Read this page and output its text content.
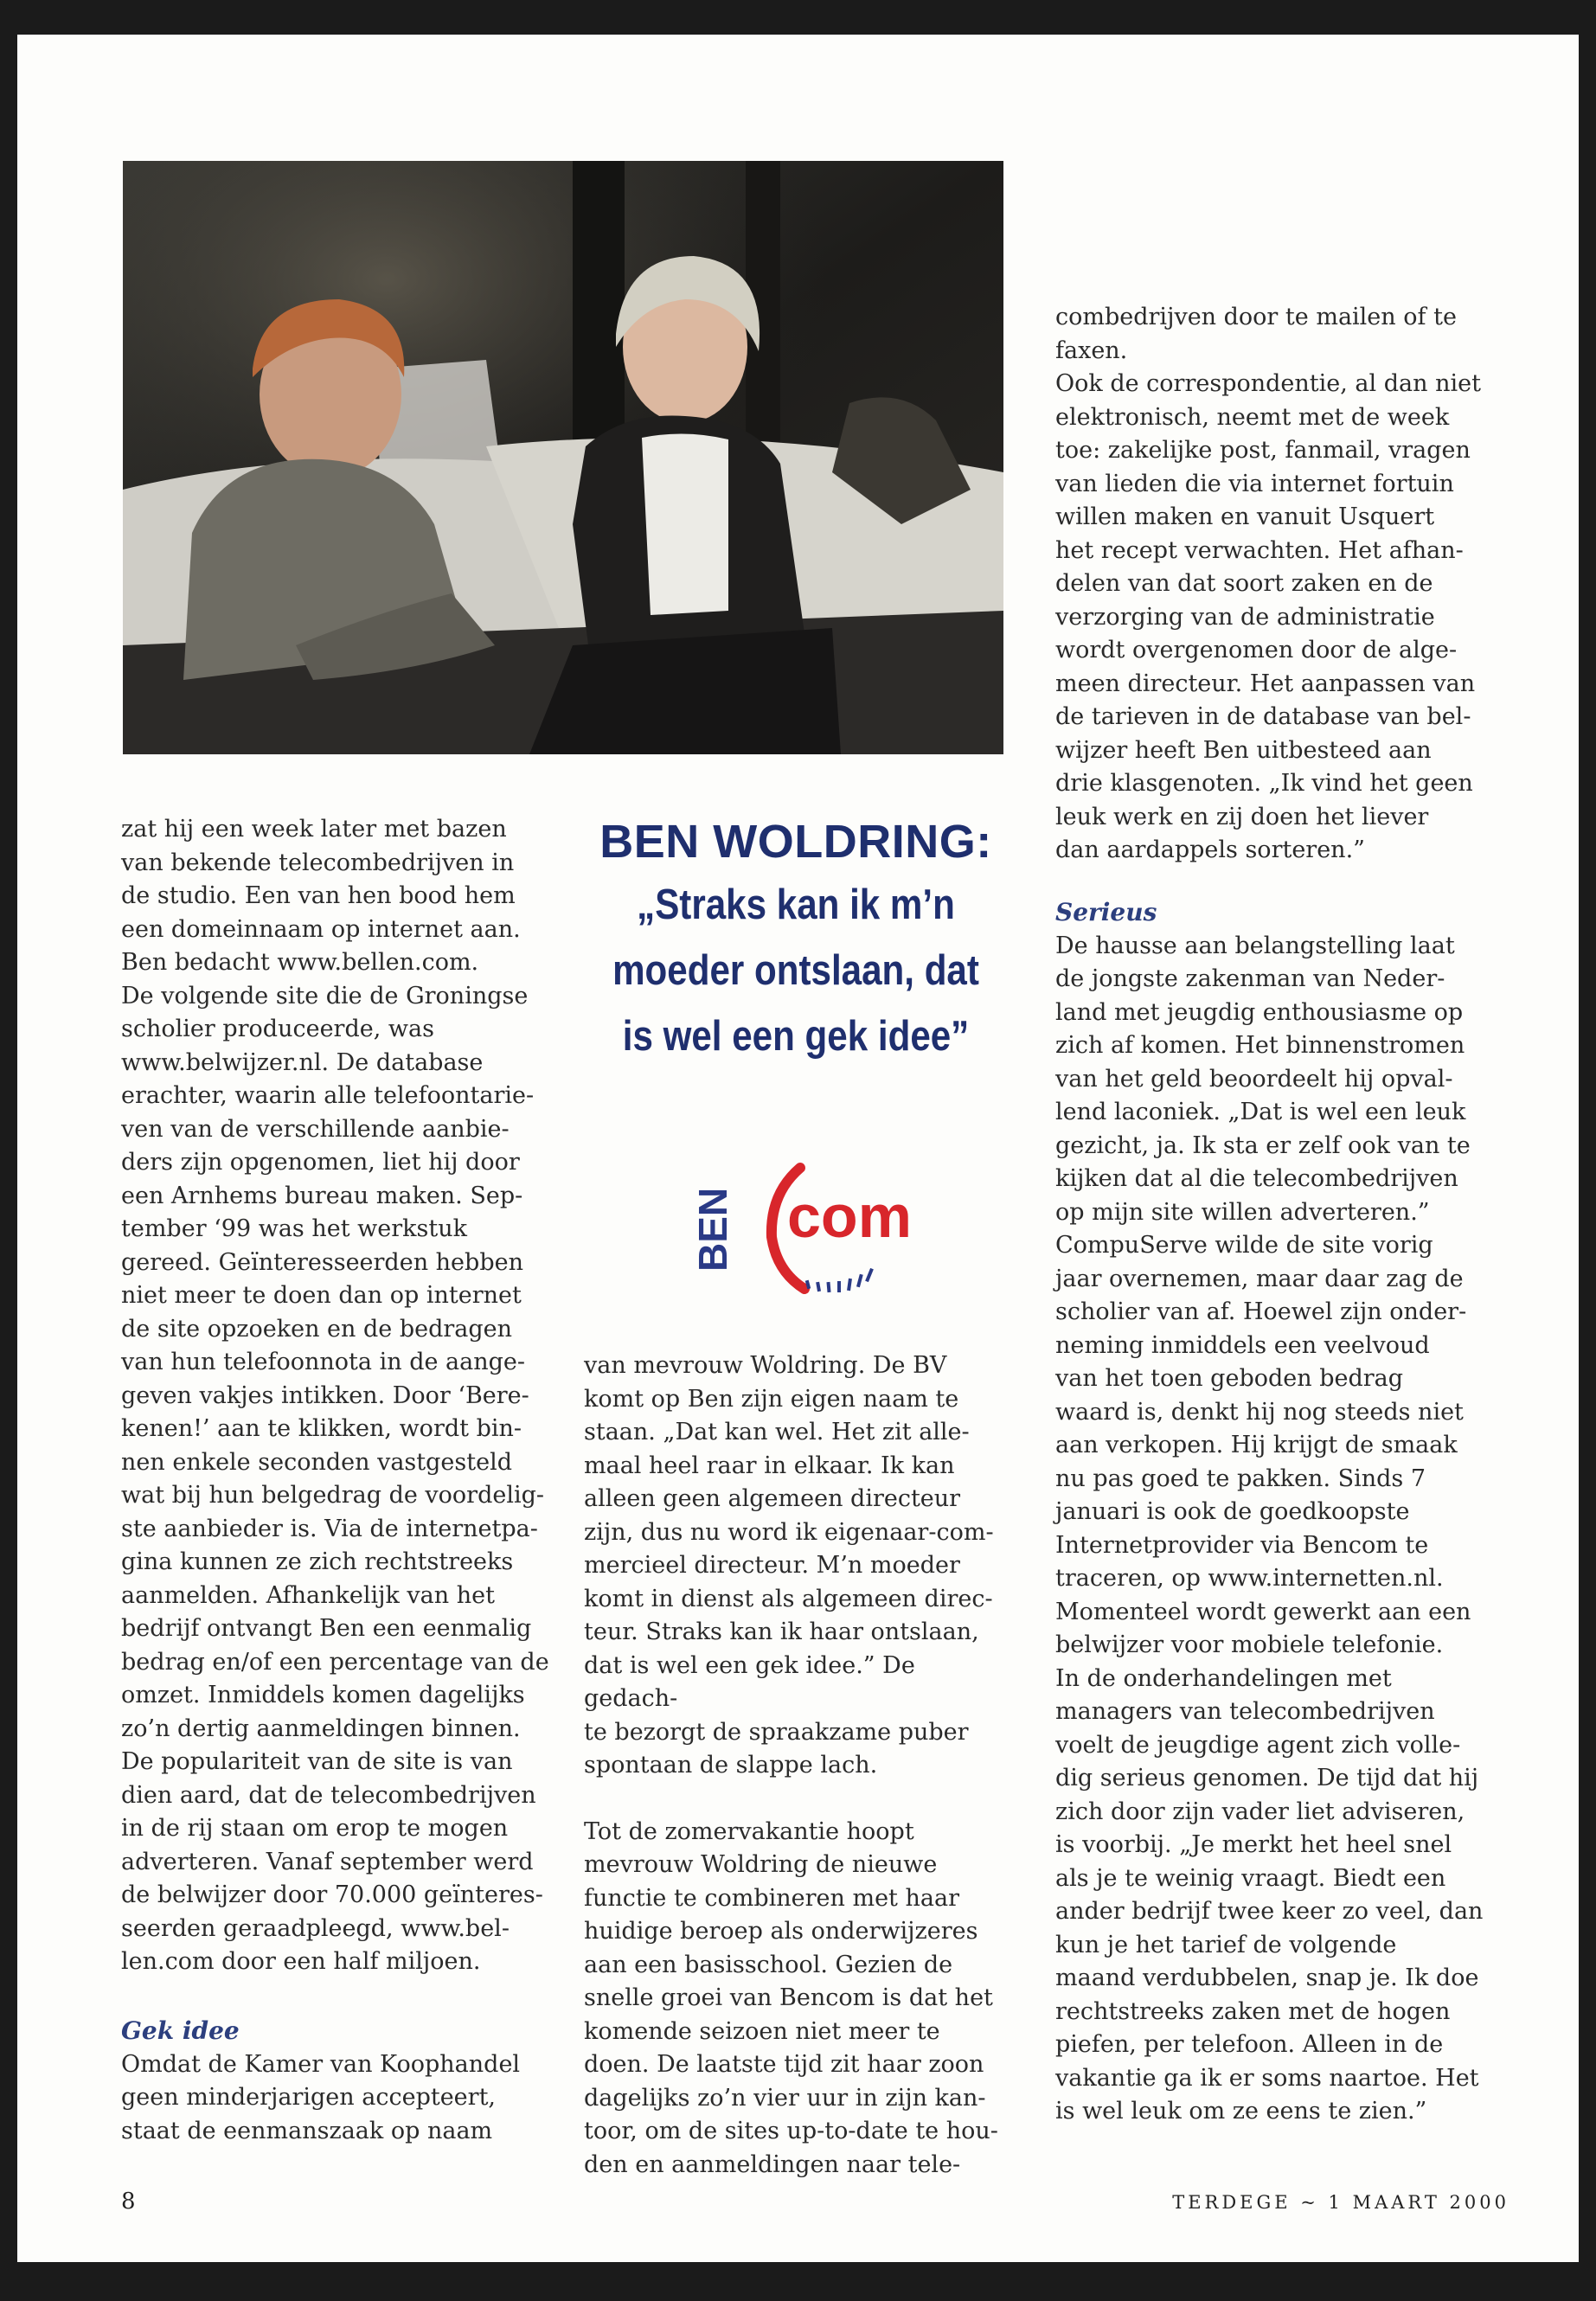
zat hij een week later met bazen
van bekende telecombedrijven in
de studio. Een van hen bood hem
een domeinnaam op internet aan.
Ben bedacht www.bellen.com.
De volgende site die de Groningse
scholier produceerde, was
www.belwijzer.nl. De database
erachter, waarin alle telefoontarie-
ven van de verschillende aanbie-
ders zijn opgenomen, liet hij door
een Arnhems bureau maken. Sep-
tember ‘99 was het werkstuk
gereed. Geïnteresseerden hebben
niet meer te doen dan op internet
de site opzoeken en de bedragen
van hun telefoonnota in de aange-
geven vakjes intikken. Door ‘Bere-
kenen!’ aan te klikken, wordt bin-
nen enkele seconden vastgesteld
wat bij hun belgedrag de voordelig-
ste aanbieder is. Via de internetpa-
gina kunnen ze zich rechtstreeks
aanmelden. Afhankelijk van het
bedrijf ontvangt Ben een eenmalig
bedrag en/of een percentage van de
omzet. Inmiddels komen dagelijks
zo’n dertig aanmeldingen binnen.
De populariteit van de site is van
dien aard, dat de telecombedrijven
in de rij staan om erop te mogen
adverteren. Vanaf september werd
de belwijzer door 70.000 geïnteres-
seerden geraadpleegd, www.bel-
len.com door een half miljoen.

Gek idee

Omdat de Kamer van Koophandel
geen minderjarigen accepteert,
staat de eenmanszaak op naam

BEN WOLDRING:
„Straks kan ik m’n
moeder ontslaan, dat
is wel een gek idee”
BEN com

van mevrouw Woldring. De BV
komt op Ben zijn eigen naam te
staan. „Dat kan wel. Het zit alle-
maal heel raar in elkaar. Ik kan
alleen geen algemeen directeur
zijn, dus nu word ik eigenaar-com-
mercieel directeur. M’n moeder
komt in dienst als algemeen direc-
teur. Straks kan ik haar ontslaan,
dat is wel een gek idee.” De gedach-
te bezorgt de spraakzame puber
spontaan de slappe lach.

Tot de zomervakantie hoopt
mevrouw Woldring de nieuwe
functie te combineren met haar
huidige beroep als onderwijzeres
aan een basisschool. Gezien de
snelle groei van Bencom is dat het
komende seizoen niet meer te
doen. De laatste tijd zit haar zoon
dagelijks zo’n vier uur in zijn kan-
toor, om de sites up-to-date te hou-
den en aanmeldingen naar tele-

combedrijven door te mailen of te
faxen.
Ook de correspondentie, al dan niet
elektronisch, neemt met de week
toe: zakelijke post, fanmail, vragen
van lieden die via internet fortuin
willen maken en vanuit Usquert
het recept verwachten. Het afhan-
delen van dat soort zaken en de
verzorging van de administratie
wordt overgenomen door de alge-
meen directeur. Het aanpassen van
de tarieven in de database van bel-
wijzer heeft Ben uitbesteed aan
drie klasgenoten. „Ik vind het geen
leuk werk en zij doen het liever
dan aardappels sorteren.”

Serieus

De hausse aan belangstelling laat
de jongste zakenman van Neder-
land met jeugdig enthousiasme op
zich af komen. Het binnenstromen
van het geld beoordeelt hij opval-
lend laconiek. „Dat is wel een leuk
gezicht, ja. Ik sta er zelf ook van te
kijken dat al die telecombedrijven
op mijn site willen adverteren.”
CompuServe wilde de site vorig
jaar overnemen, maar daar zag de
scholier van af. Hoewel zijn onder-
neming inmiddels een veelvoud
van het toen geboden bedrag
waard is, denkt hij nog steeds niet
aan verkopen. Hij krijgt de smaak
nu pas goed te pakken. Sinds 7
januari is ook de goedkoopste
Internetprovider via Bencom te
traceren, op www.internetten.nl.
Momenteel wordt gewerkt aan een
belwijzer voor mobiele telefonie.
In de onderhandelingen met
managers van telecombedrijven
voelt de jeugdige agent zich volle-
dig serieus genomen. De tijd dat hij
zich door zijn vader liet adviseren,
is voorbij. „Je merkt het heel snel
als je te weinig vraagt. Biedt een
ander bedrijf twee keer zo veel, dan
kun je het tarief de volgende
maand verdubbelen, snap je. Ik doe
rechtstreeks zaken met de hogen
piefen, per telefoon. Alleen in de
vakantie ga ik er soms naartoe. Het
is wel leuk om ze eens te zien.”

8	TERDEGE ~ 1 MAART 2000
